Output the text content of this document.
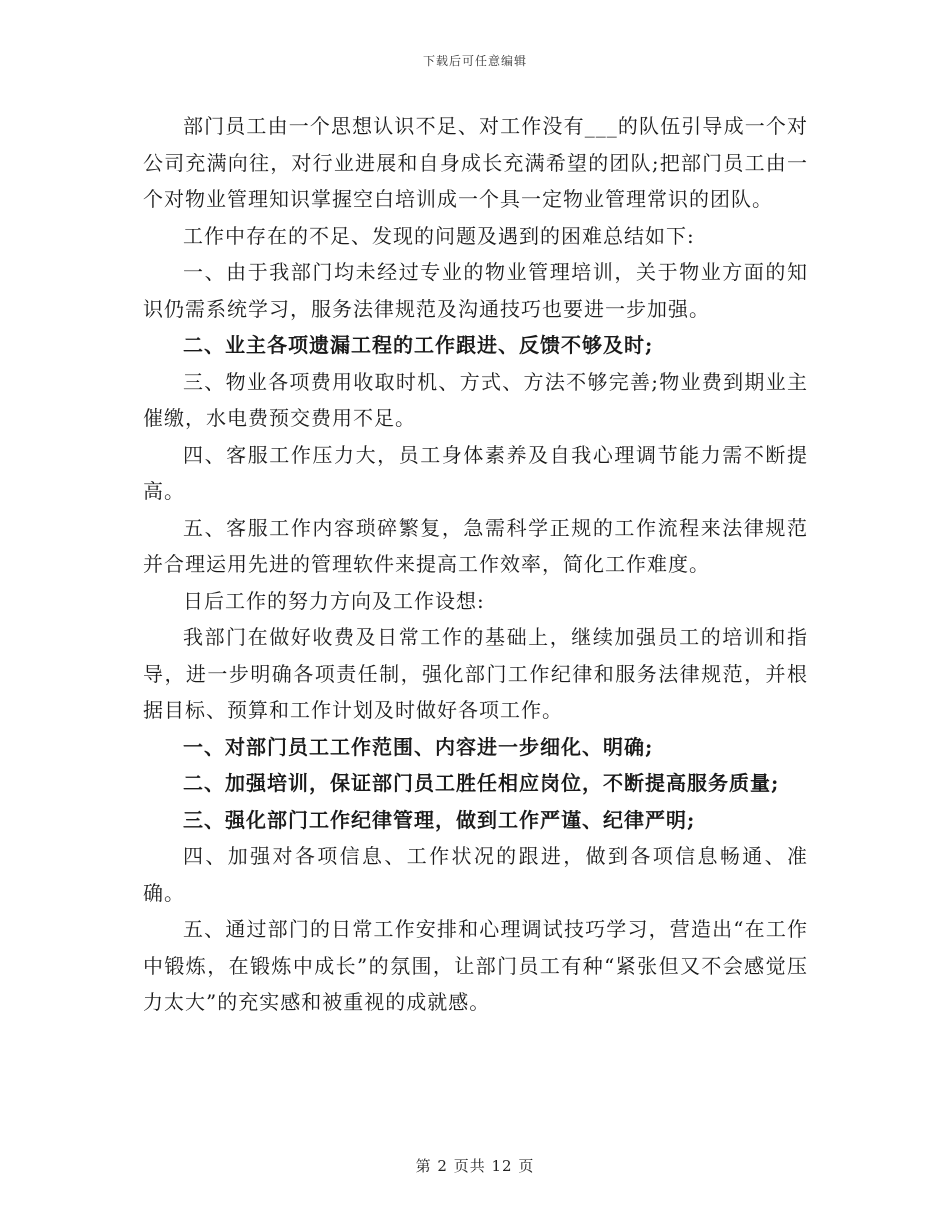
下载后可任意编辑

部门员工由一个思想认识不足、对工作没有___的队伍引导成一个对公司充满向往，对行业进展和自身成长充满希望的团队;把部门员工由一个对物业管理知识掌握空白培训成一个具一定物业管理常识的团队。

工作中存在的不足、发现的问题及遇到的困难总结如下:

一、由于我部门均未经过专业的物业管理培训，关于物业方面的知识仍需系统学习，服务法律规范及沟通技巧也要进一步加强。

二、业主各项遗漏工程的工作跟进、反馈不够及时;

三、物业各项费用收取时机、方式、方法不够完善;物业费到期业主催缴，水电费预交费用不足。

四、客服工作压力大，员工身体素养及自我心理调节能力需不断提高。

五、客服工作内容琐碎繁复，急需科学正规的工作流程来法律规范并合理运用先进的管理软件来提高工作效率，简化工作难度。

日后工作的努力方向及工作设想:

我部门在做好收费及日常工作的基础上，继续加强员工的培训和指导，进一步明确各项责任制，强化部门工作纪律和服务法律规范，并根据目标、预算和工作计划及时做好各项工作。

一、对部门员工工作范围、内容进一步细化、明确;

二、加强培训，保证部门员工胜任相应岗位，不断提高服务质量;

三、强化部门工作纪律管理，做到工作严谨、纪律严明;

四、加强对各项信息、工作状况的跟进，做到各项信息畅通、准确。

五、通过部门的日常工作安排和心理调试技巧学习，营造出“在工作中锻炼，在锻炼中成长”的氛围，让部门员工有种“紧张但又不会感觉压力太大”的充实感和被重视的成就感。

第 2 页共 12 页
